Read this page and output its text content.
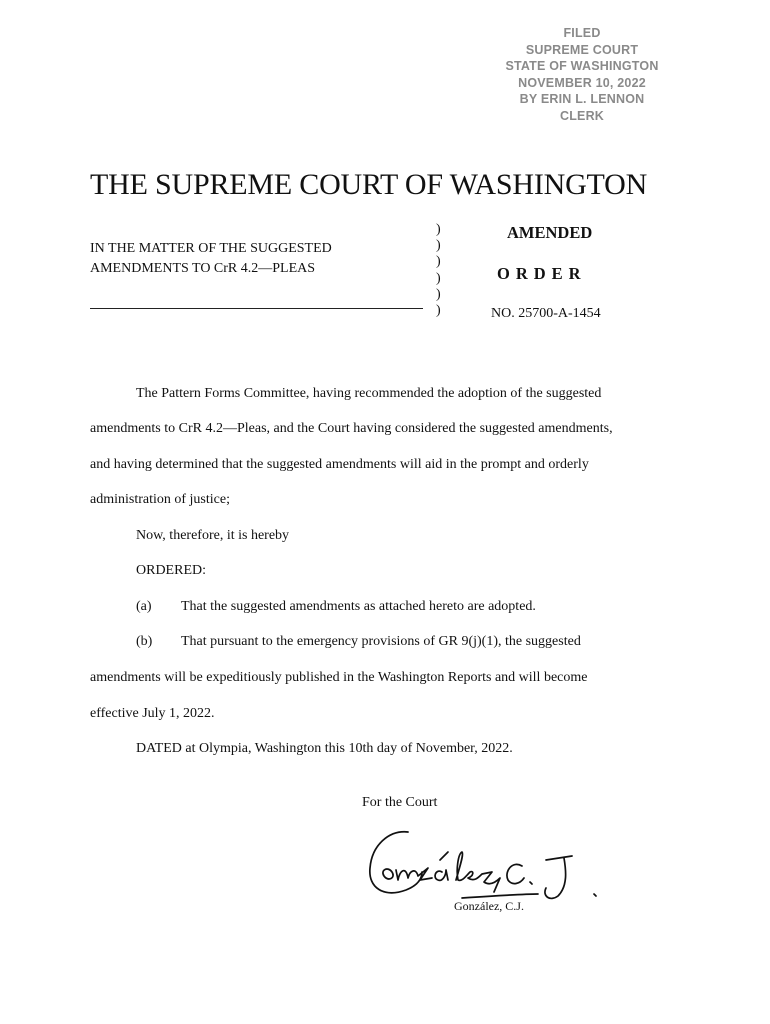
FILED
SUPREME COURT
STATE OF WASHINGTON
NOVEMBER 10, 2022
BY ERIN L. LENNON
CLERK
THE SUPREME COURT OF WASHINGTON
IN THE MATTER OF THE SUGGESTED AMENDMENTS TO CrR 4.2—PLEAS
)
)
)
)
)
)
AMENDED
ORDER
NO. 25700-A-1454
The Pattern Forms Committee, having recommended the adoption of the suggested
amendments to CrR 4.2—Pleas, and the Court having considered the suggested amendments,
and having determined that the suggested amendments will aid in the prompt and orderly
administration of justice;
Now, therefore, it is hereby
ORDERED:
(a) That the suggested amendments as attached hereto are adopted.
(b) That pursuant to the emergency provisions of GR 9(j)(1), the suggested
amendments will be expeditiously published in the Washington Reports and will become
effective July 1, 2022.
DATED at Olympia, Washington this 10th day of November, 2022.
For the Court
González, C.J.
